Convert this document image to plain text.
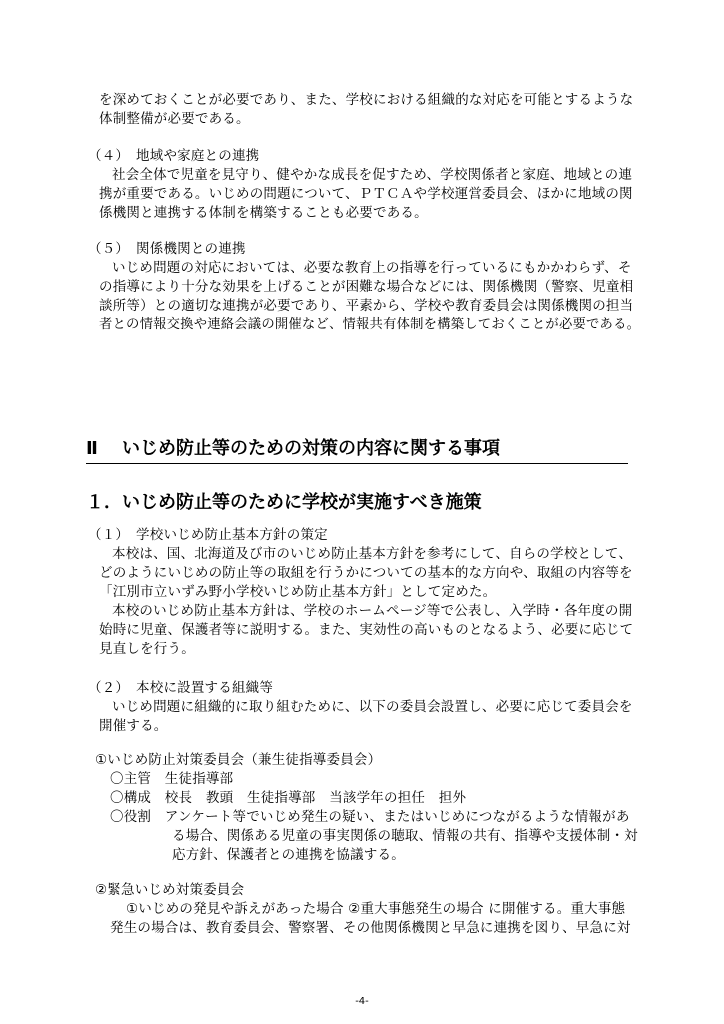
を深めておくことが必要であり、また、学校における組織的な対応を可能とするような
体制整備が必要である。
（４）　地域や家庭との連携
社会全体で児童を見守り、健やかな成長を促すため、学校関係者と家庭、地域との連
携が重要である。いじめの問題について、ＰＴＣＡや学校運営委員会、ほかに地域の関
係機関と連携する体制を構築することも必要である。
（５）　関係機関との連携
いじめ問題の対応においては、必要な教育上の指導を行っているにもかかわらず、そ
の指導により十分な効果を上げることが困難な場合などには、関係機関（警察、児童相
談所等）との適切な連携が必要であり、平素から、学校や教育委員会は関係機関の担当
者との情報交換や連絡会議の開催など、情報共有体制を構築しておくことが必要である。
Ⅱ いじめ防止等のための対策の内容に関する事項
１．いじめ防止等のために学校が実施すべき施策
（１）　学校いじめ防止基本方針の策定
本校は、国、北海道及び市のいじめ防止基本方針を参考にして、自らの学校として、
どのようにいじめの防止等の取組を行うかについての基本的な方向や、取組の内容等を
「江別市立いずみ野小学校いじめ防止基本方針」として定めた。
本校のいじめ防止基本方針は、学校のホームページ等で公表し、入学時・各年度の開
始時に児童、保護者等に説明する。また、実効性の高いものとなるよう、必要に応じて
見直しを行う。
（２）　本校に設置する組織等
いじめ問題に組織的に取り組むために、以下の委員会設置し、必要に応じて委員会を
開催する。
①いじめ防止対策委員会（兼生徒指導委員会）
〇主管　生徒指導部
〇構成　校長　教頭　生徒指導部　当該学年の担任　担外
〇役割　アンケート等でいじめ発生の疑い、またはいじめにつながるような情報があ
る場合、関係ある児童の事実関係の聴取、情報の共有、指導や支援体制・対
応方針、保護者との連携を協議する。
②緊急いじめ対策委員会
①いじめの発見や訴えがあった場合 ②重大事態発生の場合 に開催する。重大事態
発生の場合は、教育委員会、警察署、その他関係機関と早急に連携を図り、早急に対
-4-
